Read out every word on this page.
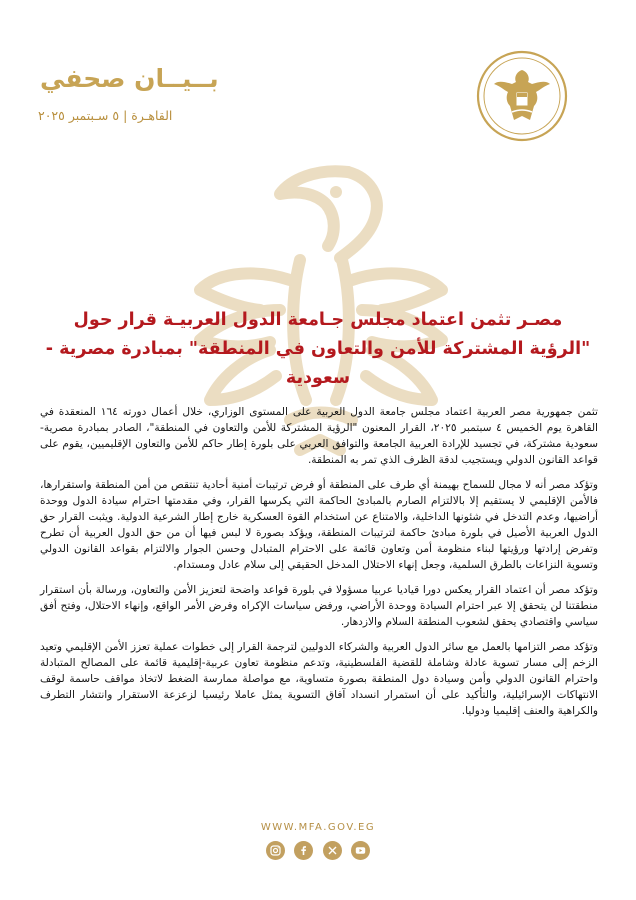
بــيــان صحفي
القاهـرة | ٥ سـبتمبر ٢٠٢٥
مصـر تثمن اعتماد مجلس جـامعة الدول العربيـة قرار حول
"الرؤية المشتركة للأمن والتعاون في المنطقة" بمبادرة مصرية - سعودية

تثمن جمهورية مصر العربية اعتماد مجلس جامعة الدول العربية على المستوى الوزاري، خلال أعمال دورته ١٦٤ المنعقدة في القاهرة يوم الخميس ٤ سبتمبر ٢٠٢٥، القرار المعنون "الرؤية المشتركة للأمن والتعاون في المنطقة"، الصادر بمبادرة مصرية-سعودية مشتركة، في تجسيد للإرادة العربية الجامعة والتوافق العربي على بلورة إطار حاكم للأمن والتعاون الإقليميين، يقوم على قواعد القانون الدولي ويستجيب لدقة الظرف الذي تمر به المنطقة.

وتؤكد مصر أنه لا مجال للسماح بهيمنة أي طرف على المنطقة أو فرض ترتيبات أمنية أحادية تنتقص من أمن المنطقة واستقرارها، فالأمن الإقليمي لا يستقيم إلا بالالتزام الصارم بالمبادئ الحاكمة التي يكرسها القرار، وفي مقدمتها احترام سيادة الدول ووحدة أراضيها، وعدم التدخل في شئونها الداخلية، والامتناع عن استخدام القوة العسكرية خارج إطار الشرعية الدولية. ويثبت القرار حق الدول العربية الأصيل في بلورة مبادئ حاكمة لترتيبات المنطقة، ويؤكد بصورة لا لبس فيها أن من حق الدول العربية أن تطرح وتفرض إرادتها ورؤيتها لبناء منظومة أمن وتعاون قائمة على الاحترام المتبادل وحسن الجوار والالتزام بقواعد القانون الدولي وتسوية النزاعات بالطرق السلمية، وجعل إنهاء الاحتلال المدخل الحقيقي إلى سلام عادل ومستدام.

وتؤكد مصر أن اعتماد القرار يعكس دورا قياديا عربيا مسؤولا في بلورة قواعد واضحة لتعزيز الأمن والتعاون، ورسالة بأن استقرار منطقتنا لن يتحقق إلا عبر احترام السيادة ووحدة الأراضي، ورفض سياسات الإكراه وفرض الأمر الواقع، وإنهاء الاحتلال، وفتح أفق سياسي واقتصادي يحقق لشعوب المنطقة السلام والازدهار.

وتؤكد مصر التزامها بالعمل مع سائر الدول العربية والشركاء الدوليين لترجمة القرار إلى خطوات عملية تعزز الأمن الإقليمي وتعيد الزخم إلى مسار تسوية عادلة وشاملة للقضية الفلسطينية، وتدعم منظومة تعاون عربية-إقليمية قائمة على المصالح المتبادلة واحترام القانون الدولي وأمن وسيادة دول المنطقة بصورة متساوية، مع مواصلة ممارسة الضغط لاتخاذ مواقف حاسمة لوقف الانتهاكات الإسرائيلية، والتأكيد على أن استمرار انسداد آفاق التسوية يمثل عاملا رئيسيا لزعزعة الاستقرار وانتشار التطرف والكراهية والعنف إقليميا ودوليا.

WWW.MFA.GOV.EG
